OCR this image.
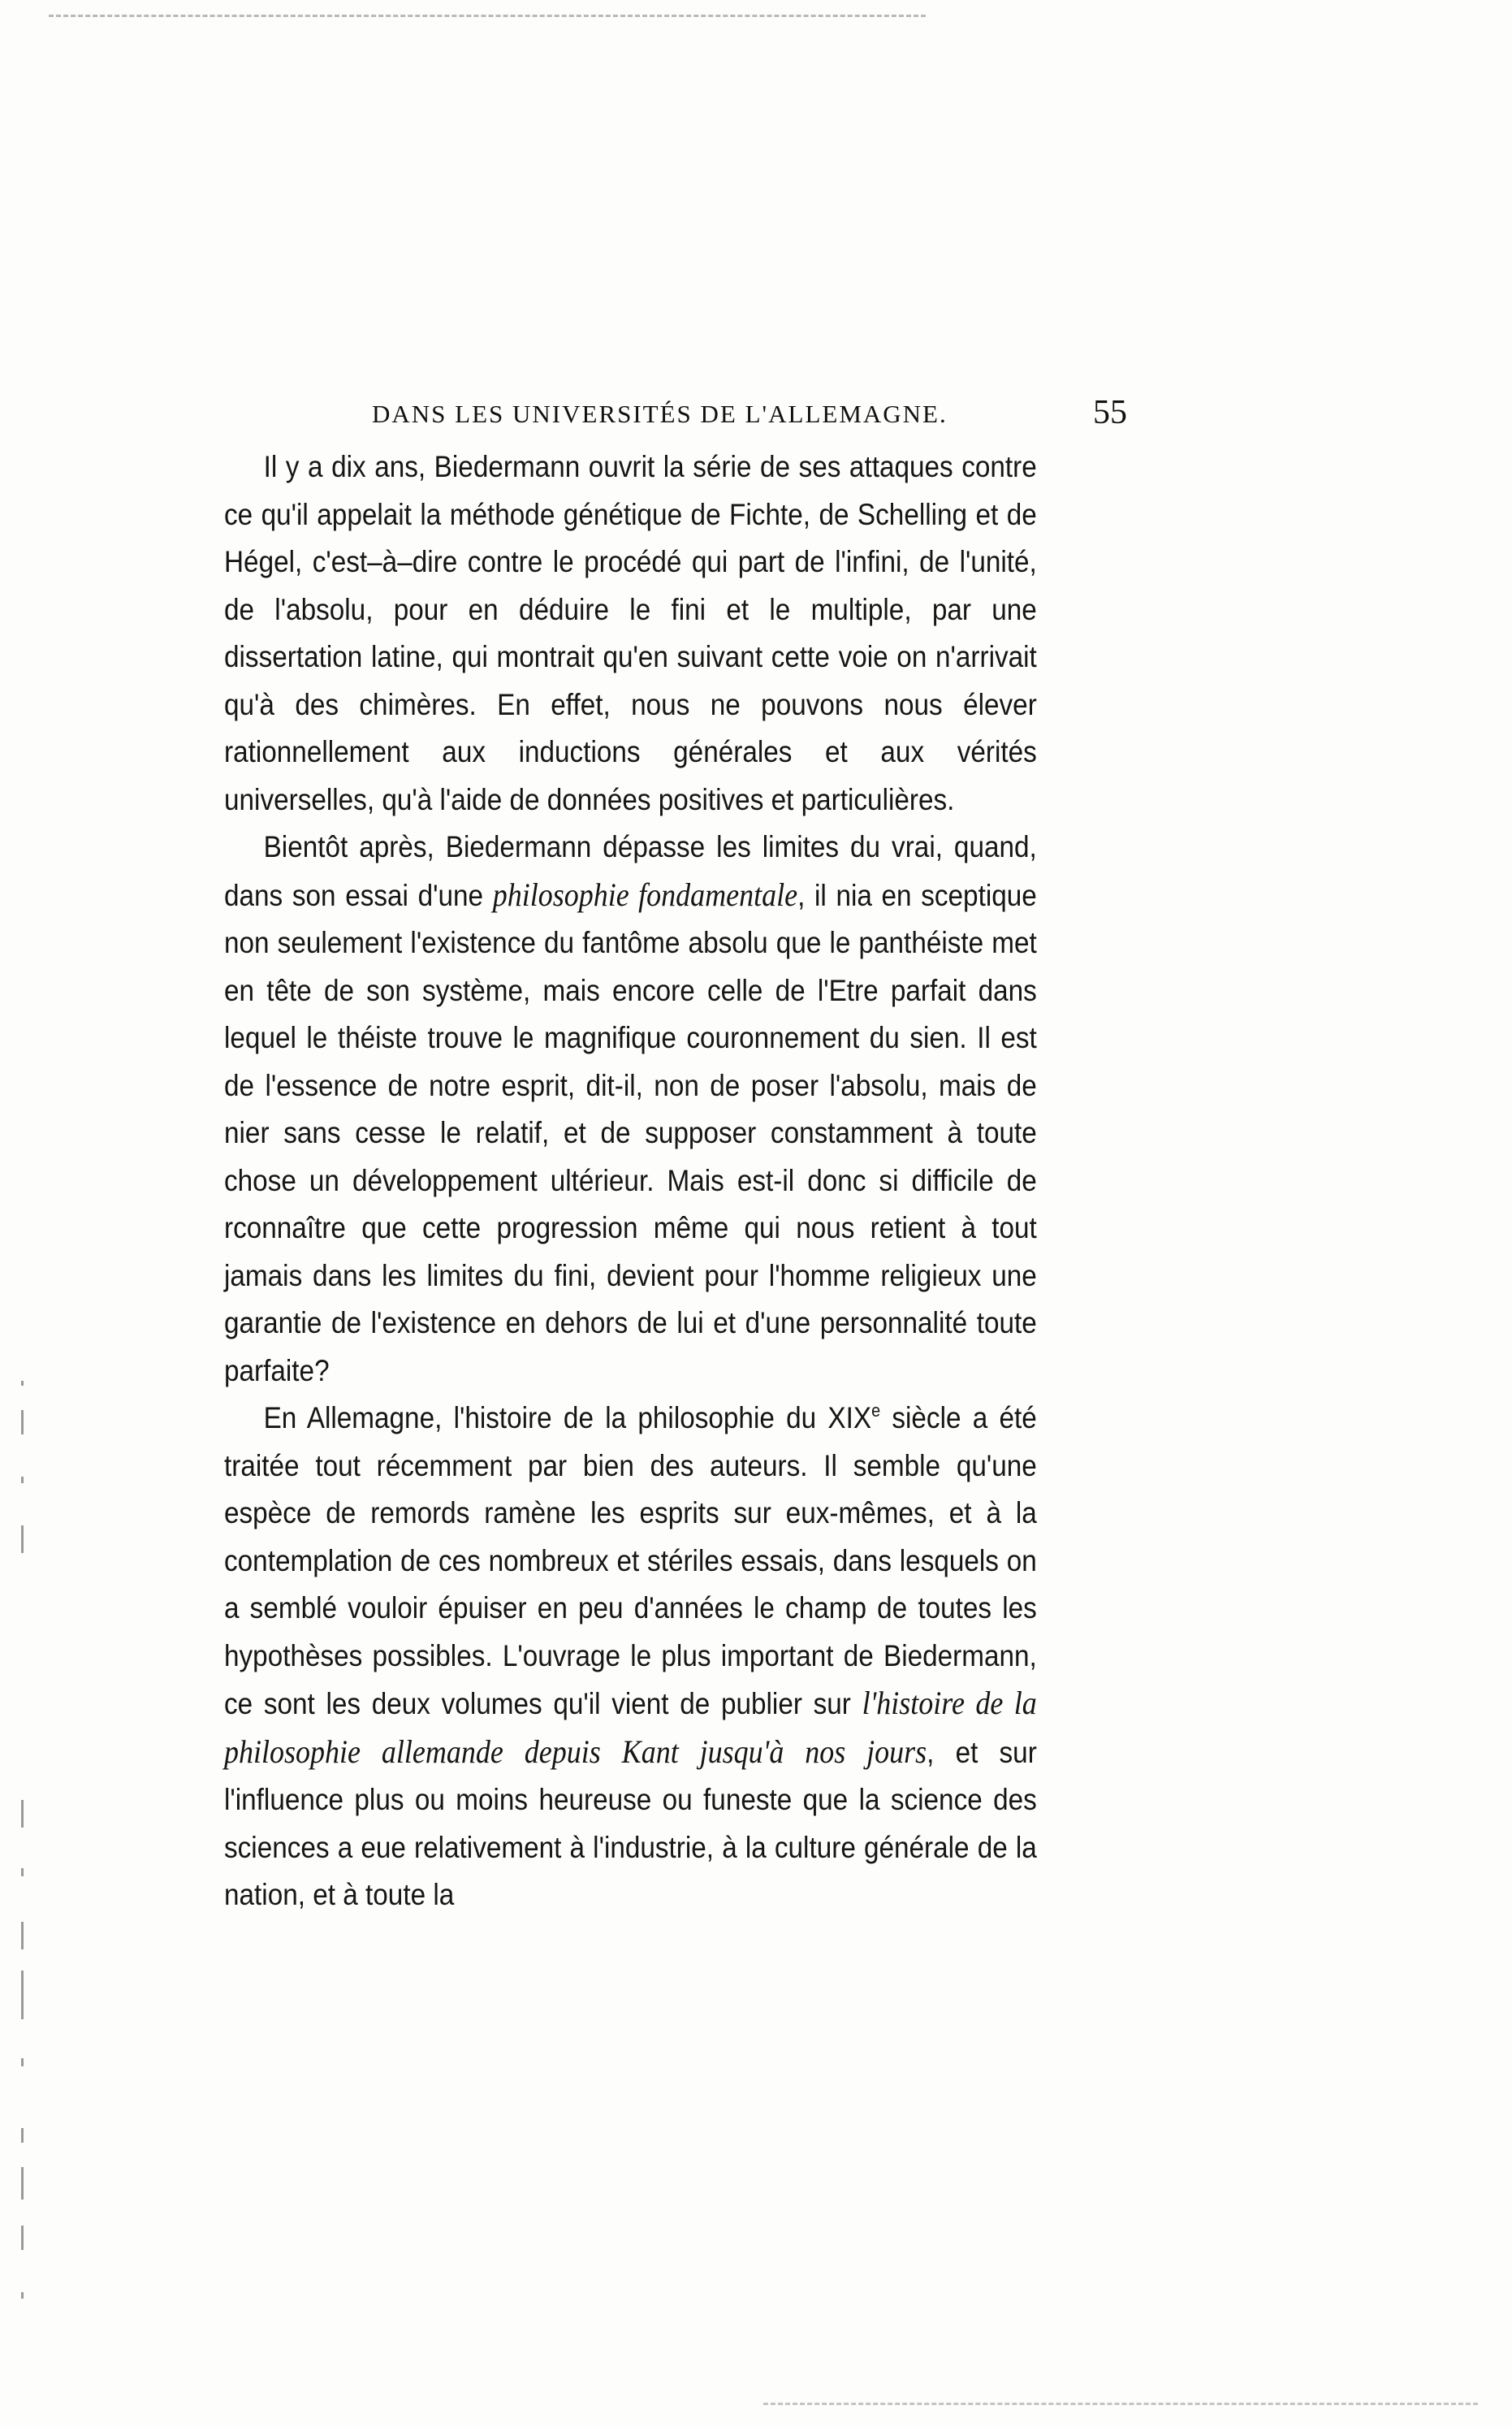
DANS LES UNIVERSITÉS DE L'ALLEMAGNE.	55

Il y a dix ans, Biedermann ouvrit la série de ses attaques contre ce qu'il appelait la méthode génétique de Fichte, de Schelling et de Hégel, c'est–à–dire contre le procédé qui part de l'infini, de l'unité, de l'absolu, pour en déduire le fini et le multiple, par une dissertation latine, qui montrait qu'en suivant cette voie on n'arrivait qu'à des chimères. En effet, nous ne pouvons nous élever rationnellement aux inductions générales et aux vérités universelles, qu'à l'aide de données positives et particulières.

Bientôt après, Biedermann dépasse les limites du vrai, quand, dans son essai d'une philosophie fondamentale, il nia en sceptique non seulement l'existence du fantôme absolu que le panthéiste met en tête de son système, mais encore celle de l'Etre parfait dans lequel le théiste trouve le magnifique couronnement du sien. Il est de l'essence de notre esprit, dit-il, non de poser l'absolu, mais de nier sans cesse le relatif, et de supposer constamment à toute chose un développement ultérieur. Mais est-il donc si difficile de rconnaître que cette progression même qui nous retient à tout jamais dans les limites du fini, devient pour l'homme religieux une garantie de l'existence en dehors de lui et d'une personnalité toute parfaite?

En Allemagne, l'histoire de la philosophie du XIXe siècle a été traitée tout récemment par bien des auteurs. Il semble qu'une espèce de remords ramène les esprits sur eux-mêmes, et à la contemplation de ces nombreux et stériles essais, dans lesquels on a semblé vouloir épuiser en peu d'années le champ de toutes les hypothèses possibles. L'ouvrage le plus important de Biedermann, ce sont les deux volumes qu'il vient de publier sur l'histoire de la philosophie allemande depuis Kant jusqu'à nos jours, et sur l'influence plus ou moins heureuse ou funeste que la science des sciences a eue relativement à l'industrie, à la culture générale de la nation, et à toute la
